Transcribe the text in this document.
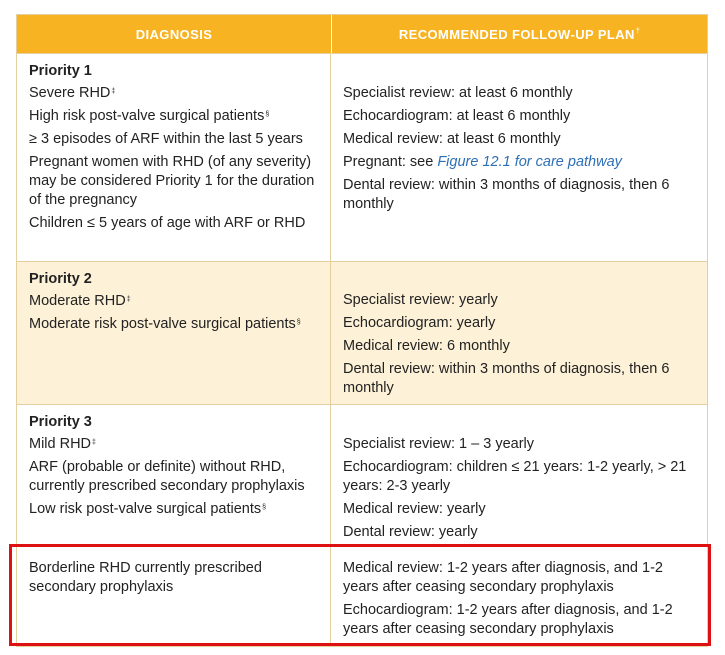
DIAGNOSIS	RECOMMENDED FOLLOW-UP PLAN†
Priority 1
Severe RHD‡
High risk post-valve surgical patients§
≥ 3 episodes of ARF within the last 5 years
Pregnant women with RHD (of any severity) may be considered Priority 1 for the duration of the pregnancy
Children ≤ 5 years of age with ARF or RHD
Specialist review: at least 6 monthly
Echocardiogram: at least 6 monthly
Medical review: at least 6 monthly
Pregnant: see Figure 12.1 for care pathway
Dental review: within 3 months of diagnosis, then 6 monthly
Priority 2
Moderate RHD‡
Moderate risk post-valve surgical patients§
Specialist review: yearly
Echocardiogram: yearly
Medical review: 6 monthly
Dental review: within 3 months of diagnosis, then 6 monthly
Priority 3
Mild RHD‡
ARF (probable or definite) without RHD, currently prescribed secondary prophylaxis
Low risk post-valve surgical patients§
Specialist review: 1 – 3 yearly
Echocardiogram: children ≤ 21 years: 1-2 yearly, > 21 years: 2-3 yearly
Medical review: yearly
Dental review: yearly
Borderline RHD currently prescribed secondary prophylaxis
Medical review: 1-2 years after diagnosis, and 1-2 years after ceasing secondary prophylaxis
Echocardiogram: 1-2 years after diagnosis, and 1-2 years after ceasing secondary prophylaxis
